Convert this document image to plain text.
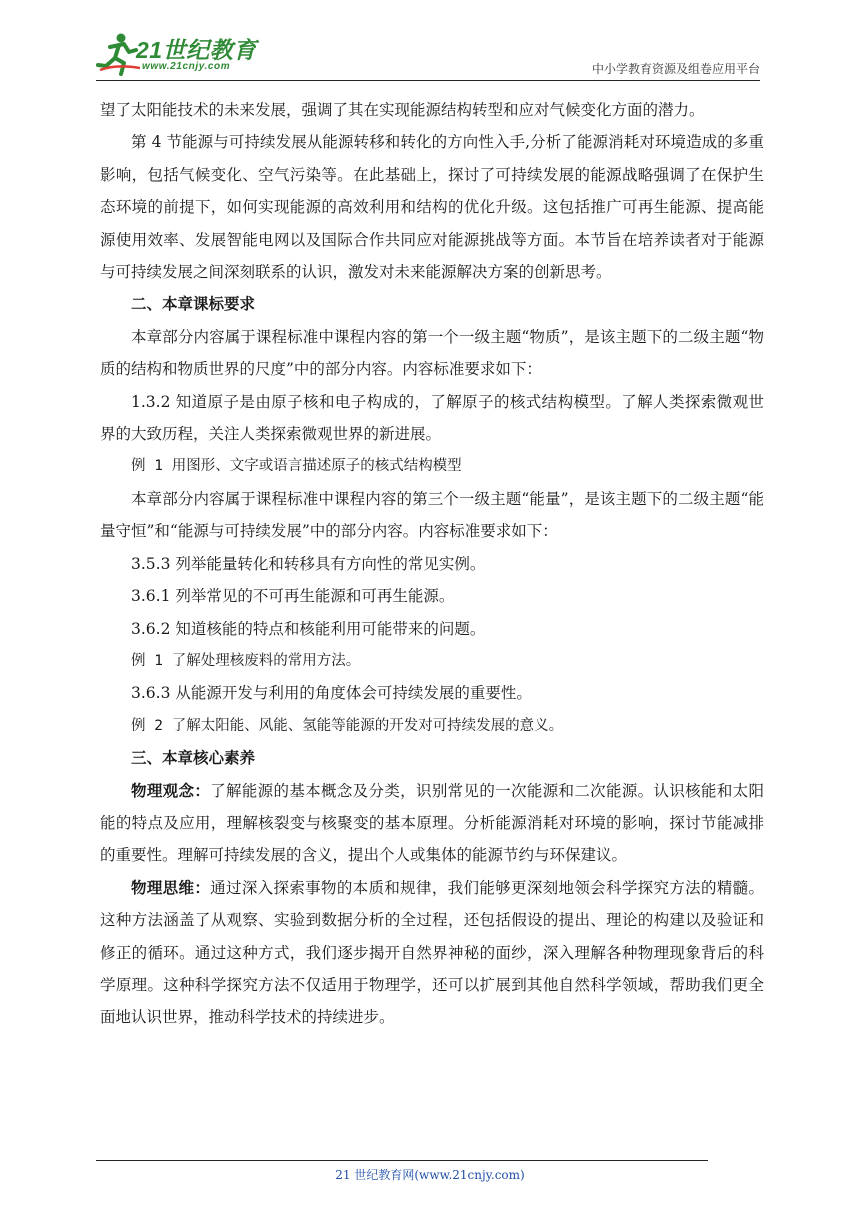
21世纪教育
www.21cnjy.com	中小学教育资源及组卷应用平台

望了太阳能技术的未来发展，强调了其在实现能源结构转型和应对气候变化方面的潜力。

第 4 节能源与可持续发展从能源转移和转化的方向性入手,分析了能源消耗对环境造成的多重影响，包括气候变化、空气污染等。在此基础上，探讨了可持续发展的能源战略强调了在保护生态环境的前提下，如何实现能源的高效利用和结构的优化升级。这包括推广可再生能源、提高能源使用效率、发展智能电网以及国际合作共同应对能源挑战等方面。本节旨在培养读者对于能源与可持续发展之间深刻联系的认识，激发对未来能源解决方案的创新思考。

二、本章课标要求

本章部分内容属于课程标准中课程内容的第一个一级主题“物质”，是该主题下的二级主题“物质的结构和物质世界的尺度”中的部分内容。内容标准要求如下：

1.3.2 知道原子是由原子核和电子构成的，了解原子的核式结构模型。了解人类探索微观世界的大致历程，关注人类探索微观世界的新进展。

例 1 用图形、文字或语言描述原子的核式结构模型

本章部分内容属于课程标准中课程内容的第三个一级主题“能量”，是该主题下的二级主题“能量守恒”和“能源与可持续发展”中的部分内容。内容标准要求如下：

3.5.3 列举能量转化和转移具有方向性的常见实例。

3.6.1 列举常见的不可再生能源和可再生能源。

3.6.2 知道核能的特点和核能利用可能带来的问题。

例 1 了解处理核废料的常用方法。

3.6.3 从能源开发与利用的角度体会可持续发展的重要性。

例 2 了解太阳能、风能、氢能等能源的开发对可持续发展的意义。

三、本章核心素养

物理观念：了解能源的基本概念及分类，识别常见的一次能源和二次能源。认识核能和太阳能的特点及应用，理解核裂变与核聚变的基本原理。分析能源消耗对环境的影响，探讨节能减排的重要性。理解可持续发展的含义，提出个人或集体的能源节约与环保建议。

物理思维：通过深入探索事物的本质和规律，我们能够更深刻地领会科学探究方法的精髓。这种方法涵盖了从观察、实验到数据分析的全过程，还包括假设的提出、理论的构建以及验证和修正的循环。通过这种方式，我们逐步揭开自然界神秘的面纱，深入理解各种物理现象背后的科学原理。这种科学探究方法不仅适用于物理学，还可以扩展到其他自然科学领域，帮助我们更全面地认识世界，推动科学技术的持续进步。

21 世纪教育网(www.21cnjy.com)
